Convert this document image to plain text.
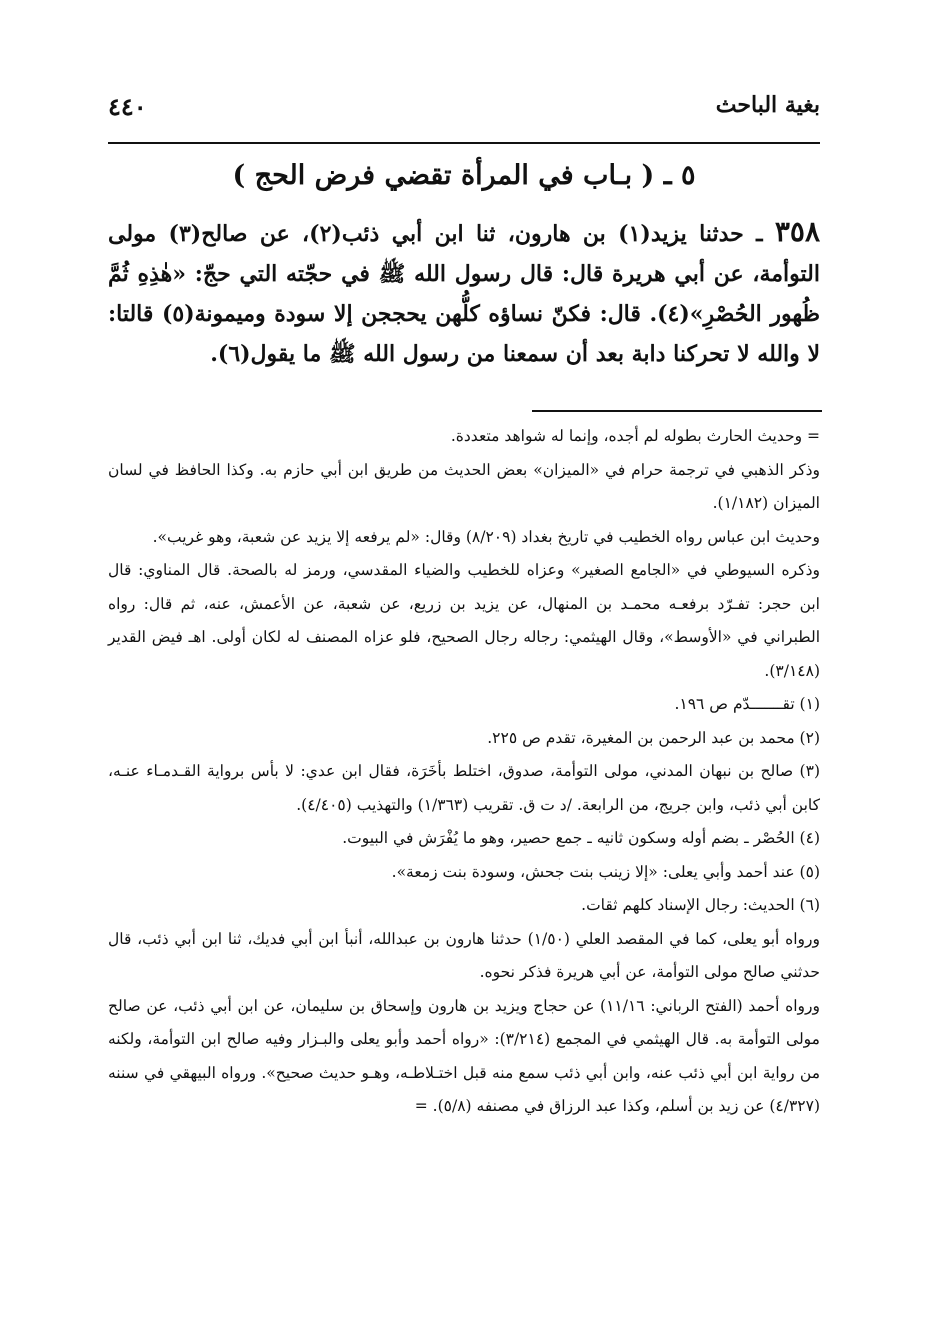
بغية الباحث
٤٤٠
٥ ـ ( بـاب في المرأة تقضي فرض الحج )
٣٥٨ ـ حدثنا يزيد(١) بن هارون، ثنا ابن أبي ذئب(٢)، عن صالح(٣) مولى التوأمة، عن أبي هريرة قال: قال رسول الله ﷺ في حجّته التي حجّ: «هٰذِهِ ثُمَّ ظُهور الحُصْرِ»(٤). قال: فكنّ نساؤه كلُّهن يحججن إلا سودة وميمونة(٥) قالتا: لا والله لا تحركنا دابة بعد أن سمعنا من رسول الله ﷺ ما يقول(٦).

= وحديث الحارث بطوله لم أجده، وإنما له شواهد متعددة.

وذكر الذهبي في ترجمة حرام في «الميزان» بعض الحديث من طريق ابن أبي حازم به. وكذا الحافظ في لسان الميزان (١/١٨٢).

وحديث ابن عباس رواه الخطيب في تاريخ بغداد (٨/٢٠٩) وقال: «لم يرفعه إلا يزيد عن شعبة، وهو غريب».

وذكره السيوطي في «الجامع الصغير» وعزاه للخطيب والضياء المقدسي، ورمز له بالصحة. قال المناوي: قال ابن حجر: تفـرّد برفعـه محمـد بن المنهال، عن يزيد بن زريع، عن شعبة، عن الأعمش، عنه، ثم قال: رواه الطبراني في «الأوسط»، وقال الهيثمي: رجاله رجال الصحيح، فلو عزاه المصنف له لكان أولى. اهـ فيض القدير (٣/١٤٨).

(١) تقـــــــدّم ص ١٩٦.

(٢) محمد بن عبد الرحمن بن المغيرة، تقدم ص ٢٢٥.

(٣) صالح بن نبهان المدني، مولى التوأمة، صدوق، اختلط بأخَرَة، فقال ابن عدي: لا بأس برواية القـدمـاء عنـه، كابن أبي ذئب، وابن جريج، من الرابعة. /د ت ق. تقريب (١/٣٦٣) والتهذيب (٤/٤٠٥).

(٤) الحُصْر ـ بضم أوله وسكون ثانيه ـ جمع حصير، وهو ما يُفْرَش في البيوت.

(٥) عند أحمد وأبي يعلى: «إلا زينب بنت جحش، وسودة بنت زمعة».

(٦) الحديث: رجال الإسناد كلهم ثقات.

ورواه أبو يعلى، كما في المقصد العلي (١/٥٠) حدثنا هارون بن عبدالله، أنبأ ابن أبي فديك، ثنا ابن أبي ذئب، قال حدثني صالح مولى التوأمة، عن أبي هريرة فذكر نحوه.

ورواه أحمد (الفتح الرباني: ١١/١٦) عن حجاج ويزيد بن هارون وإسحاق بن سليمان، عن ابن أبي ذئب، عن صالح مولى التوأمة به. قال الهيثمي في المجمع (٣/٢١٤): «رواه أحمد وأبو يعلى والبـزار وفيه صالح ابن التوأمة، ولكنه من رواية ابن أبي ذئب عنه، وابن أبي ذئب سمع منه قبل اختـلاطـه، وهـو حديث صحيح». ورواه البيهقي في سننه (٤/٣٢٧) عن زيد بن أسلم، وكذا عبد الرزاق في مصنفه (٥/٨). =
